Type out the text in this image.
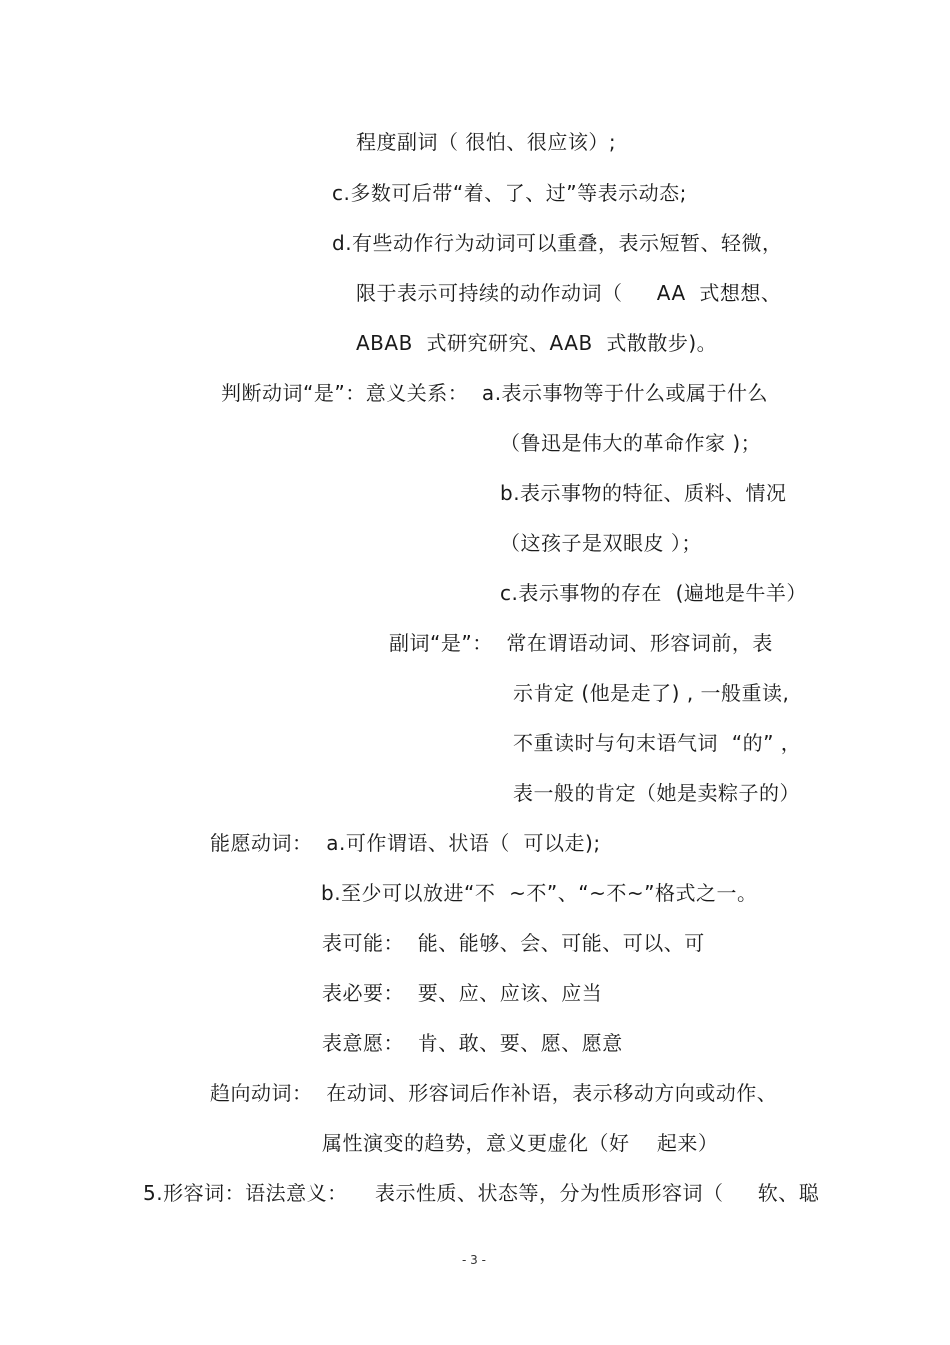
程度副词（ 很怕、很应该）;
c.多数可后带“着、了、过”等表示动态;
d.有些动作行为动词可以重叠，表示短暂、轻微，
限于表示可持续的动作动词（     AA  式想想、
ABAB  式研究研究、AAB  式散散步)。
判断动词“是”：意义关系：  a.表示事物等于什么或属于什么
（鲁迅是伟大的革命作家 )；
b.表示事物的特征、质料、情况
（这孩子是双眼皮 ）；
c.表示事物的存在  (遍地是牛羊）
副词“是”：  常在谓语动词、形容词前，表
示肯定 (他是走了) , 一般重读,
不重读时与句末语气词  “的” ，
表一般的肯定（她是卖粽子的）
能愿动词：  a.可作谓语、状语（  可以走);
b.至少可以放进“不  ~不”、“~不~”格式之一。
表可能：  能、能够、会、可能、可以、可
表必要：  要、应、应该、应当
表意愿：  肯、敢、要、愿、愿意
趋向动词：  在动词、形容词后作补语，表示移动方向或动作、
属性演变的趋势，意义更虚化（好    起来）
5.形容词：语法意义：    表示性质、状态等，分为性质形容词（     软、聪
- 3 -
